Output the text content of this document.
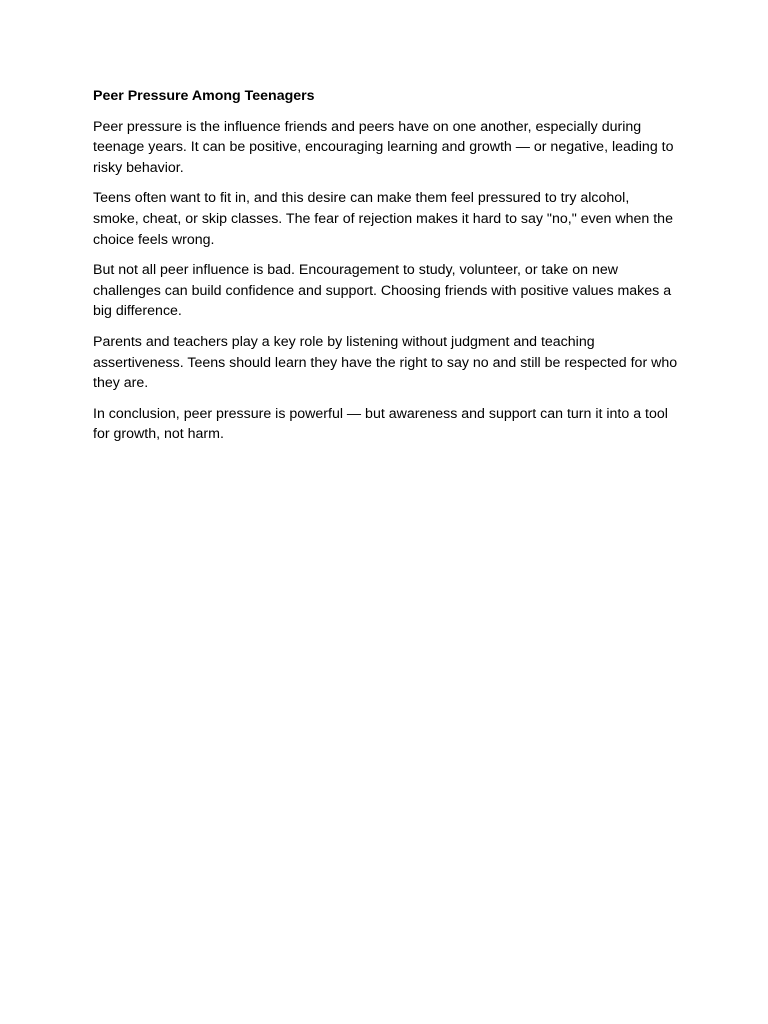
Peer Pressure Among Teenagers

Peer pressure is the influence friends and peers have on one another, especially during teenage years. It can be positive, encouraging learning and growth — or negative, leading to risky behavior.

Teens often want to fit in, and this desire can make them feel pressured to try alcohol, smoke, cheat, or skip classes. The fear of rejection makes it hard to say "no," even when the choice feels wrong.

But not all peer influence is bad. Encouragement to study, volunteer, or take on new challenges can build confidence and support. Choosing friends with positive values makes a big difference.

Parents and teachers play a key role by listening without judgment and teaching assertiveness. Teens should learn they have the right to say no and still be respected for who they are.

In conclusion, peer pressure is powerful — but awareness and support can turn it into a tool for growth, not harm.
